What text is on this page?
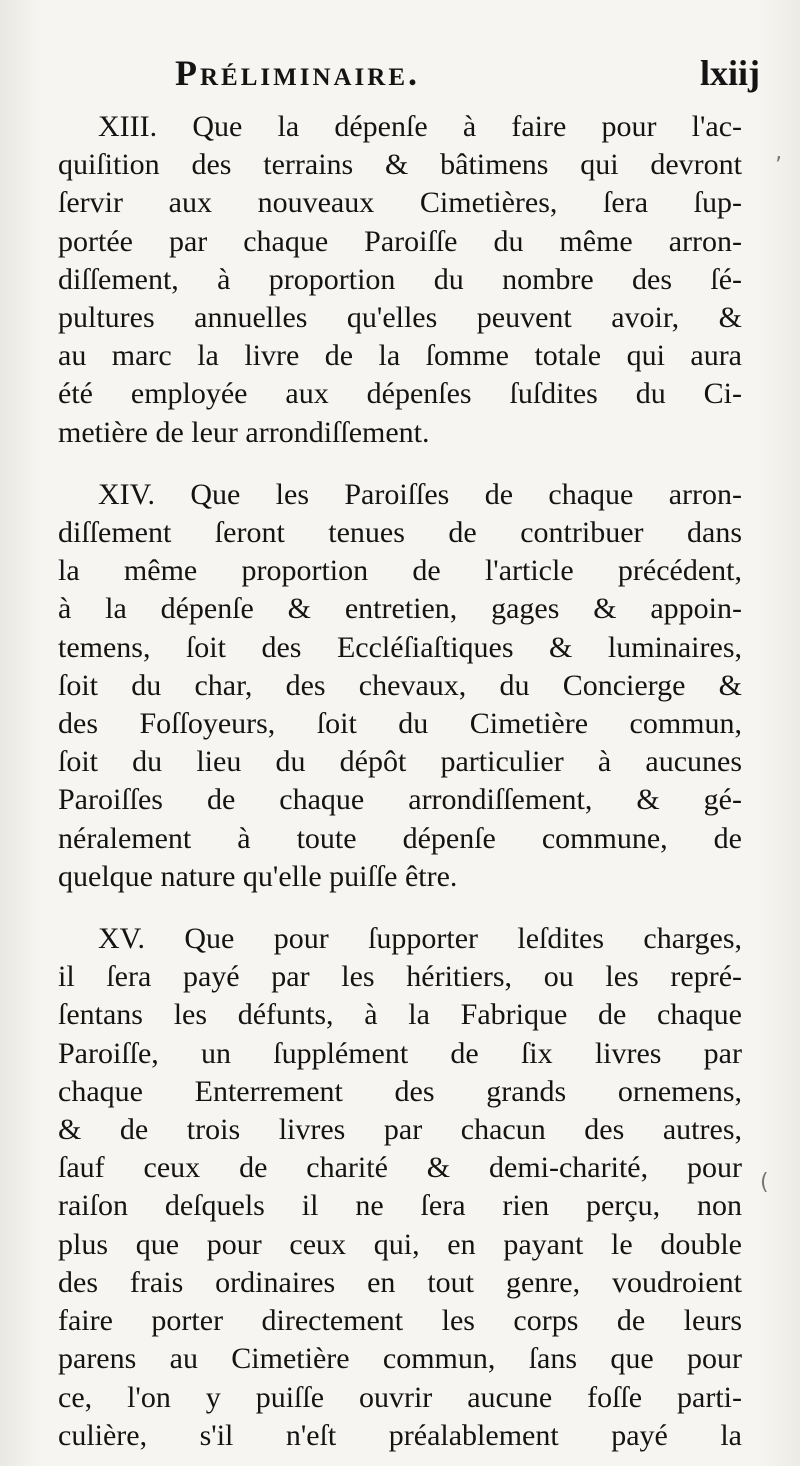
Préliminaire.	lxiij

XIII. Que la dépenſe à faire pour l'ac-
quiſition des terrains & bâtimens qui devront
ſervir aux nouveaux Cimetières, ſera ſup-
portée par chaque Paroiſſe du même arron-
diſſement, à proportion du nombre des ſé-
pultures annuelles qu'elles peuvent avoir, &
au marc la livre de la ſomme totale qui aura
été employée aux dépenſes ſuſdites du Ci-
metière de leur arrondiſſement.

XIV. Que les Paroiſſes de chaque arron-
diſſement ſeront tenues de contribuer dans
la même proportion de l'article précédent,
à la dépenſe & entretien, gages & appoin-
temens, ſoit des Eccléſiaſtiques & luminaires,
ſoit du char, des chevaux, du Concierge &
des Foſſoyeurs, ſoit du Cimetière commun,
ſoit du lieu du dépôt particulier à aucunes
Paroiſſes de chaque arrondiſſement, & gé-
néralement à toute dépenſe commune, de
quelque nature qu'elle puiſſe être.

XV. Que pour ſupporter leſdites charges,
il ſera payé par les héritiers, ou les repré-
ſentans les défunts, à la Fabrique de chaque
Paroiſſe, un ſupplément de ſix livres par
chaque Enterrement des grands ornemens,
& de trois livres par chacun des autres,
ſauf ceux de charité & demi-charité, pour
raiſon deſquels il ne ſera rien perçu, non
plus que pour ceux qui, en payant le double
des frais ordinaires en tout genre, voudroient
faire porter directement les corps de leurs
parens au Cimetière commun, ſans que pour
ce, l'on y puiſſe ouvrir aucune foſſe parti-
culière, s'il n'eſt préalablement payé la

‚
(
